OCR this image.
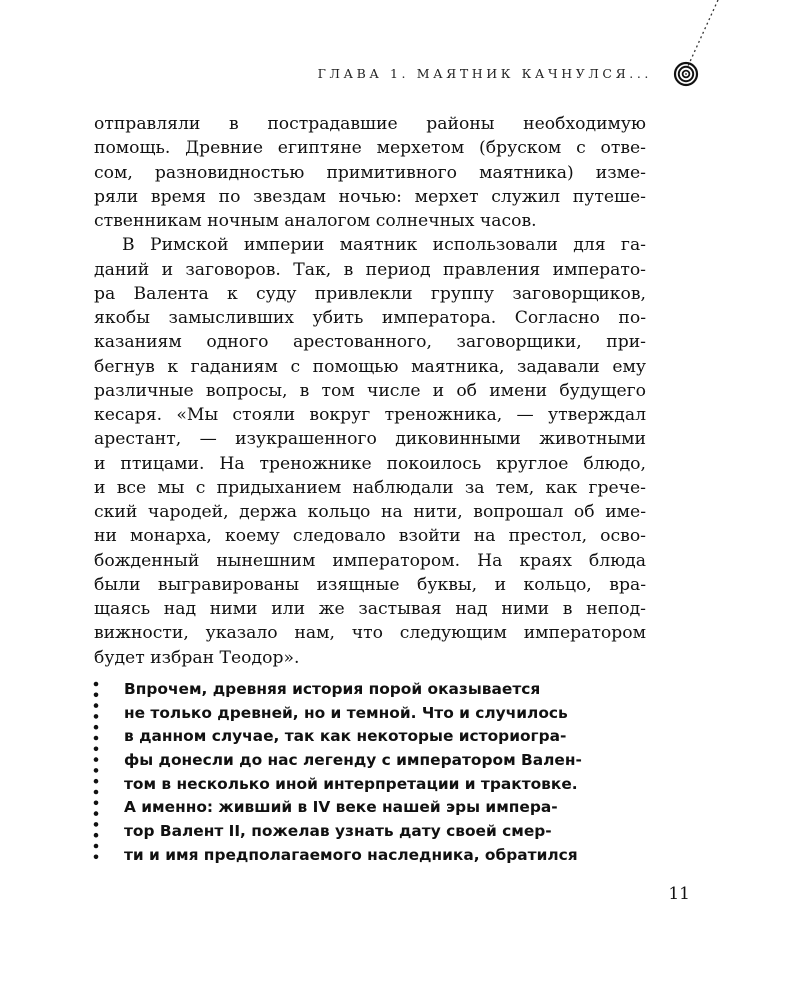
ГЛАВА 1. МАЯТНИК КАЧНУЛСЯ...
отправляли в пострадавшие районы необходимую
помощь. Древние египтяне мерхетом (бруском с отве-
сом, разновидностью примитивного маятника) изме-
ряли время по звездам ночью: мерхет служил путеше-
ственникам ночным аналогом солнечных часов.
В Римской империи маятник использовали для га-
даний и заговоров. Так, в период правления императо-
ра Валента к суду привлекли группу заговорщиков,
якобы замысливших убить императора. Согласно по-
казаниям одного арестованного, заговорщики, при-
бегнув к гаданиям с помощью маятника, задавали ему
различные вопросы, в том числе и об имени будущего
кесаря. «Мы стояли вокруг треножника, — утверждал
арестант, — изукрашенного диковинными животными
и птицами. На треножнике покоилось круглое блюдо,
и все мы с придыханием наблюдали за тем, как грече-
ский чародей, держа кольцо на нити, вопрошал об име-
ни монарха, коему следовало взойти на престол, осво-
божденный нынешним императором. На краях блюда
были выгравированы изящные буквы, и кольцо, вра-
щаясь над ними или же застывая над ними в непод-
вижности, указало нам, что следующим императором
будет избран Теодор».
Впрочем, древняя история порой оказывается
не только древней, но и темной. Что и случилось
в данном случае, так как некоторые историогра-
фы донесли до нас легенду с императором Вален-
том в несколько иной интерпретации и трактовке.
А именно: живший в IV веке нашей эры импера-
тор Валент II, пожелав узнать дату своей смер-
ти и имя предполагаемого наследника, обратился
11
